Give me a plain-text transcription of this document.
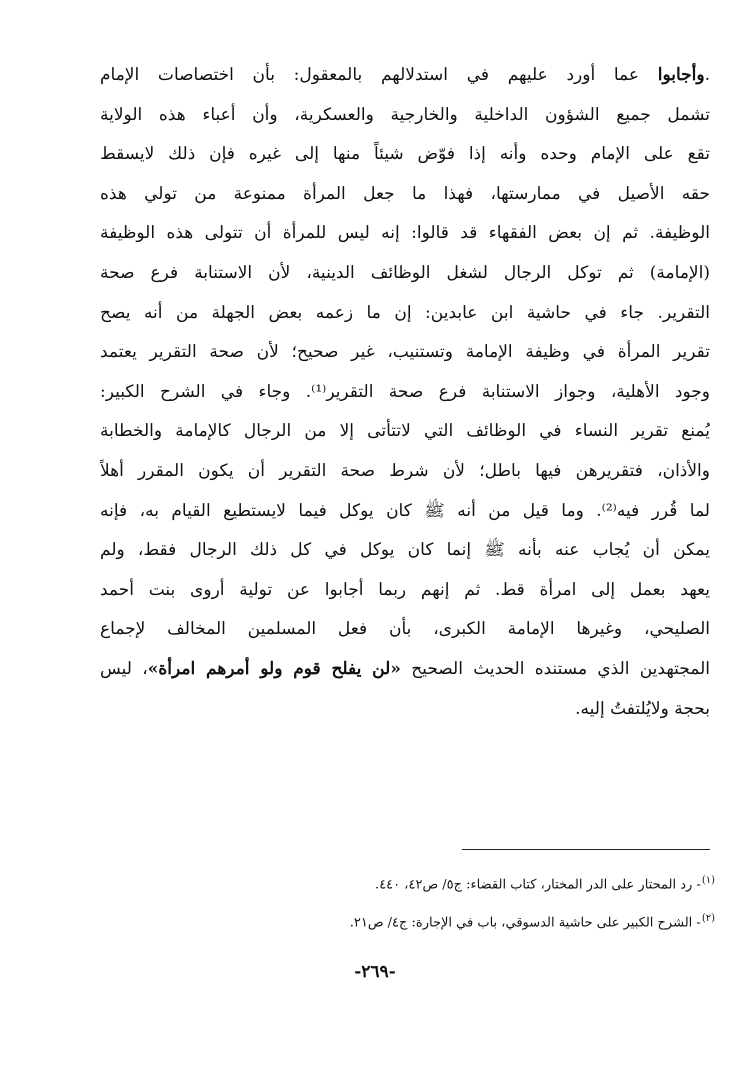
.وأجابوا عما أورد عليهم في استدلالهم بالمعقول: بأن اختصاصات الإمام
تشمل جميع الشؤون الداخلية والخارجية والعسكرية، وأن أعباء هذه الولاية
تقع على الإمام وحده وأنه إذا فوّض شيئاً منها إلى غيره فإن ذلك لايسقط
حقه الأصيل في ممارستها، فهذا ما جعل المرأة ممنوعة من تولي هذه
الوظيفة. ثم إن بعض الفقهاء قد قالوا: إنه ليس للمرأة أن تتولى هذه الوظيفة
(الإمامة) ثم توكل الرجال لشغل الوظائف الدينية، لأن الاستنابة فرع صحة
التقرير. جاء في حاشية ابن عابدين: إن ما زعمه بعض الجهلة من أنه يصح
تقرير المرأة في وظيفة الإمامة وتستنيب، غير صحيح؛ لأن صحة التقرير يعتمد
وجود الأهلية، وجواز الاستنابة فرع صحة التقرير⁽¹⁾. وجاء في الشرح الكبير:
يُمنع تقرير النساء في الوظائف التي لاتتأتى إلا من الرجال كالإمامة والخطابة
والأذان، فتقريرهن فيها باطل؛ لأن شرط صحة التقرير أن يكون المقرر أهلاً
لما قُرر فيه⁽²⁾. وما قيل من أنه ﷺ كان يوكل فيما لايستطيع القيام به، فإنه
يمكن أن يُجاب عنه بأنه ﷺ إنما كان يوكل في كل ذلك الرجال فقط، ولم
يعهد بعمل إلى امرأة قط. ثم إنهم ربما أجابوا عن تولية أروى بنت أحمد
الصليحي، وغيرها الإمامة الكبرى، بأن فعل المسلمين المخالف لإجماع
المجتهدين الذي مستنده الحديث الصحيح «لن يفلح قوم ولو أمرهم امرأة»، ليس
بحجة ولايُلتفتُ إليه.
$^{(١)}$- رد المحتار على الدر المختار، كتاب القضاء: ج٥/ ص٤٢، ٤٤٠.
$^{(٢)}$- الشرح الكبير على حاشية الدسوقي، باب في الإجارة: ج٤/ ص٢١.
-٢٦٩-
